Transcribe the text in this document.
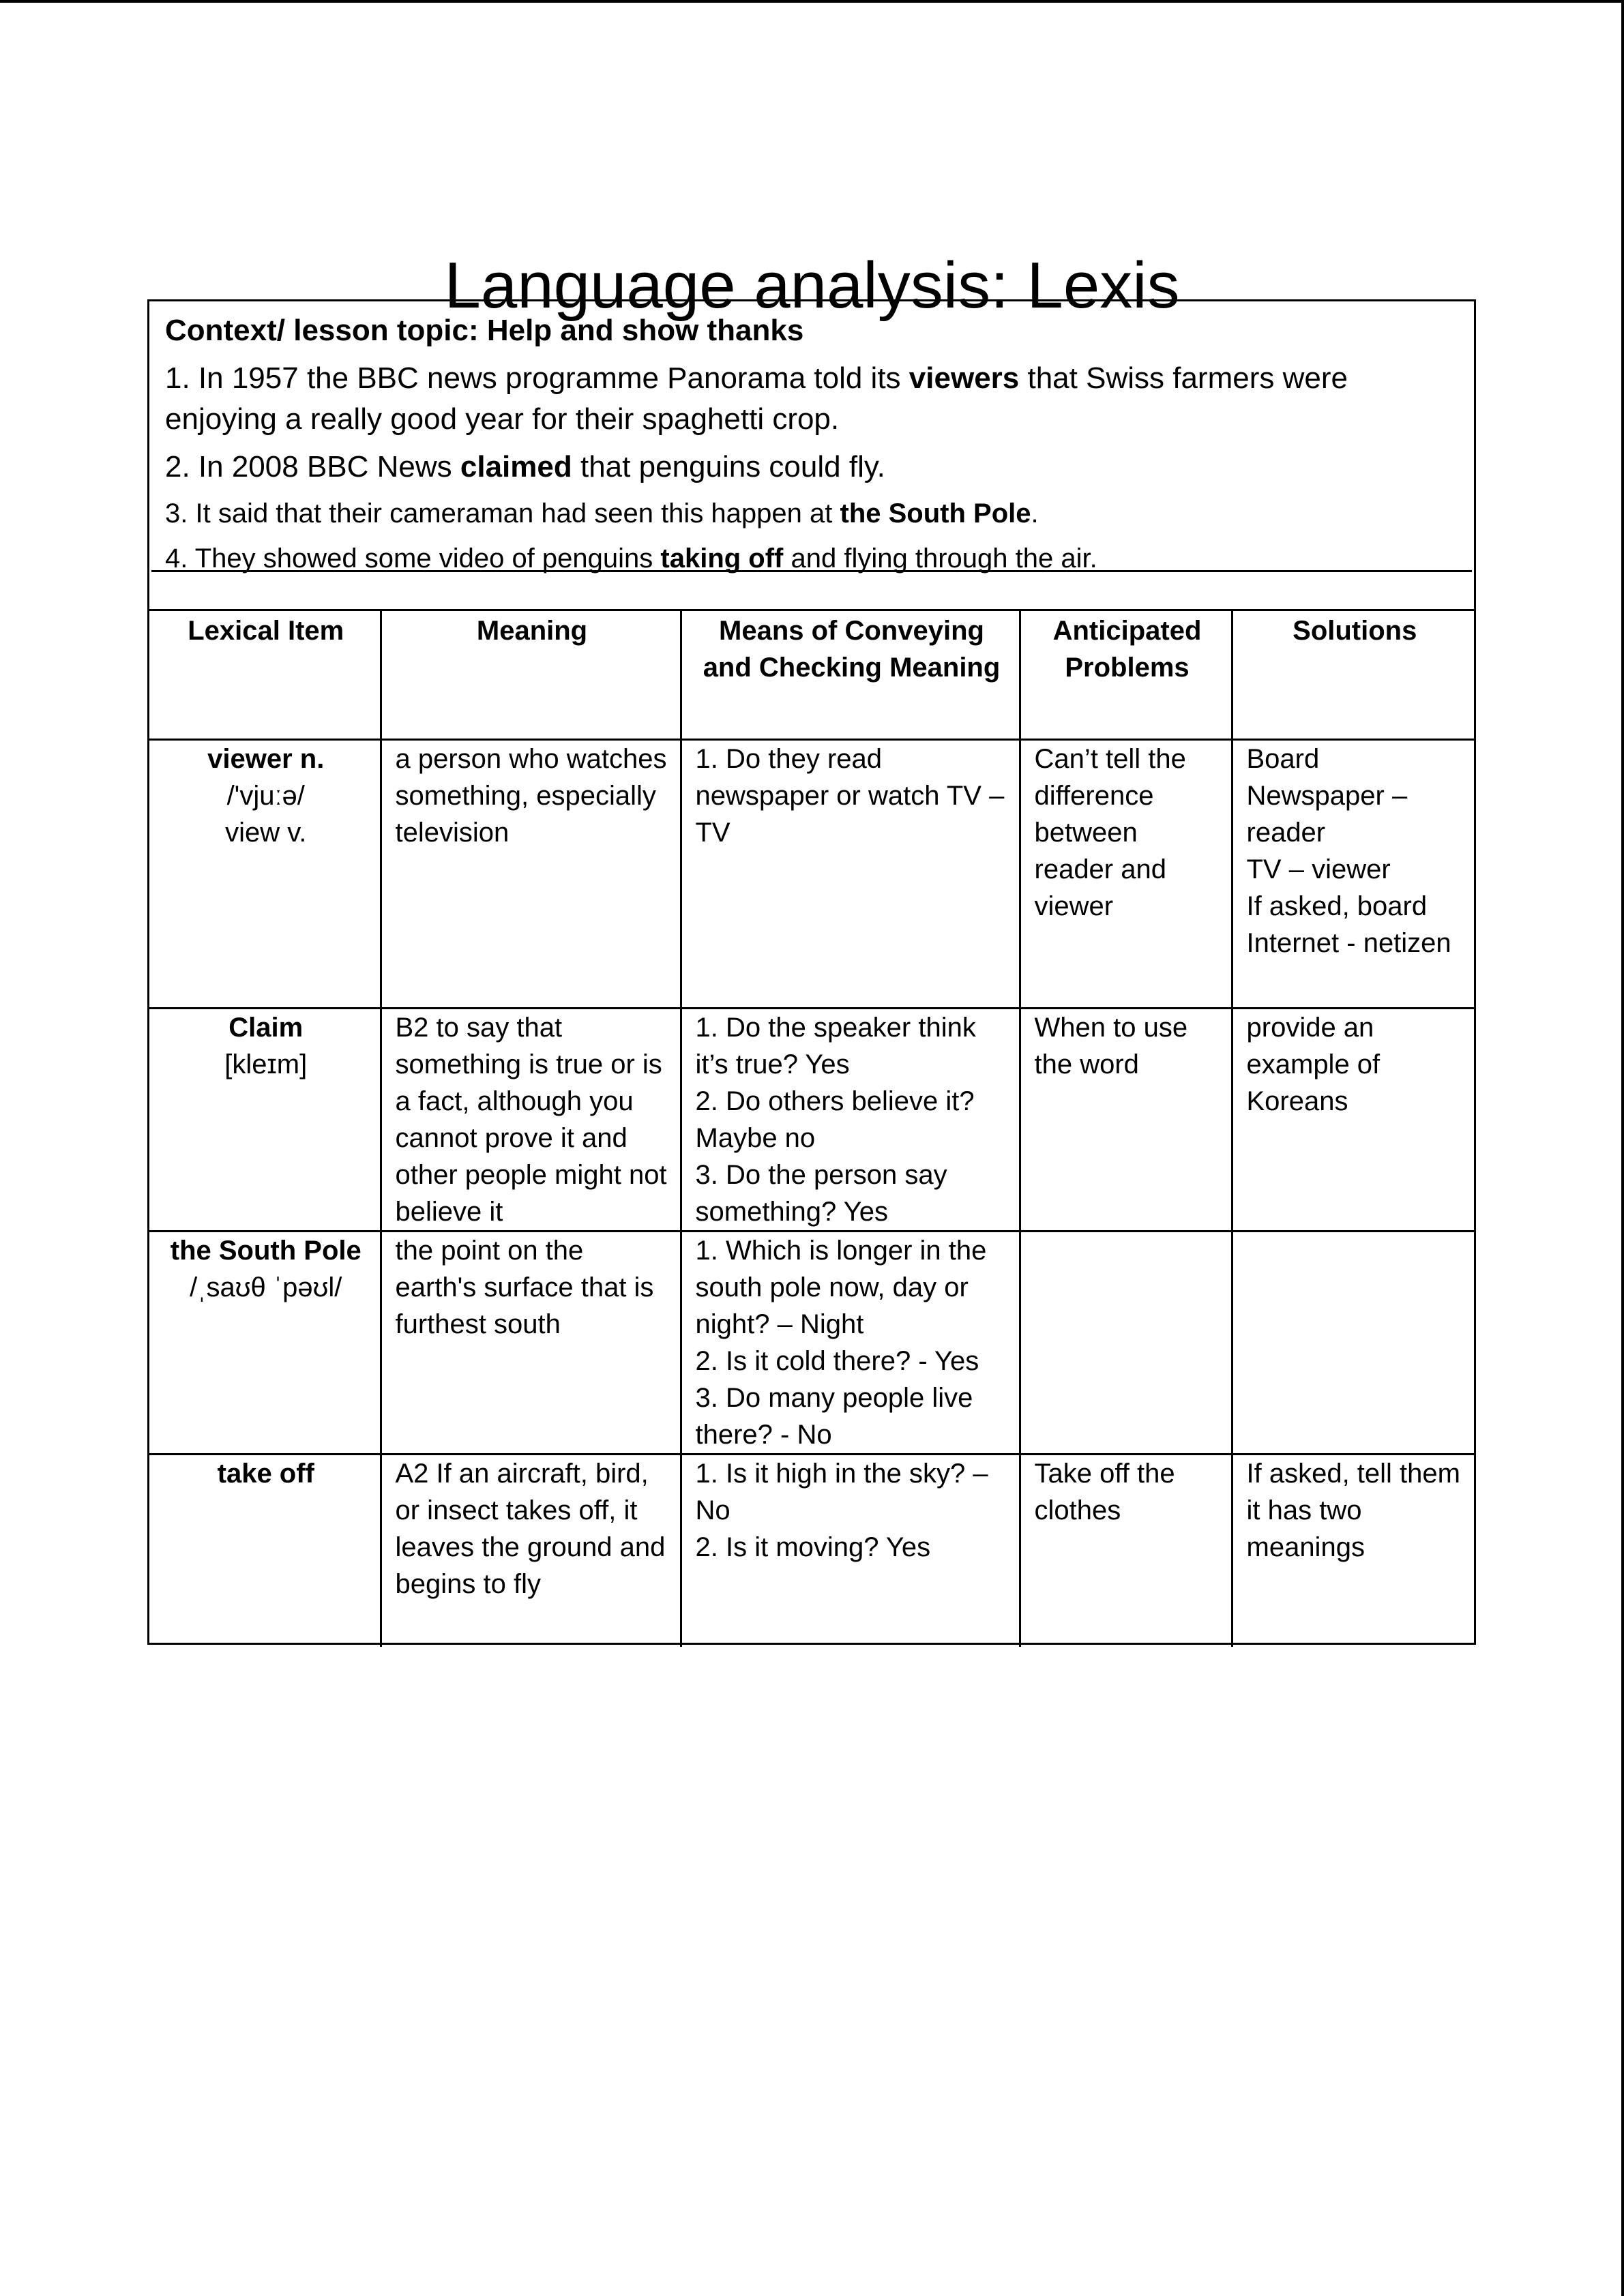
Language analysis: Lexis

Context/ lesson topic: Help and show thanks

1. In 1957 the BBC news programme Panorama told its viewers that Swiss farmers were enjoying a really good year for their spaghetti crop.

2. In 2008 BBC News claimed that penguins could fly.

3. It said that their cameraman had seen this happen at the South Pole.

4. They showed some video of penguins taking off and flying through the air.

Lexical Item	Meaning	Means of Conveying and Checking Meaning	Anticipated Problems	Solutions

viewer n.
/'vjuːə/
view v.	a person who watches something, especially television	1. Do they read newspaper or watch TV – TV	Can’t tell the difference between reader and viewer	Board
Newspaper – reader
TV – viewer
If asked, board
Internet - netizen

Claim
[kleɪm]	B2 to say that something is true or is a fact, although you cannot prove it and other people might not believe it	1. Do the speaker think it’s true? Yes
2. Do others believe it? Maybe no
3. Do the person say something? Yes	When to use the word	provide an example of Koreans

the South Pole
/ˌsaʊθ ˈpəʊl/	the point on the earth's surface that is furthest south	1. Which is longer in the south pole now, day or night? – Night
2. Is it cold there? - Yes
3. Do many people live there? - No		

take off	A2 If an aircraft, bird, or insect takes off, it leaves the ground and begins to fly	1. Is it high in the sky? – No
2. Is it moving? Yes	Take off the clothes	If asked, tell them it has two meanings
